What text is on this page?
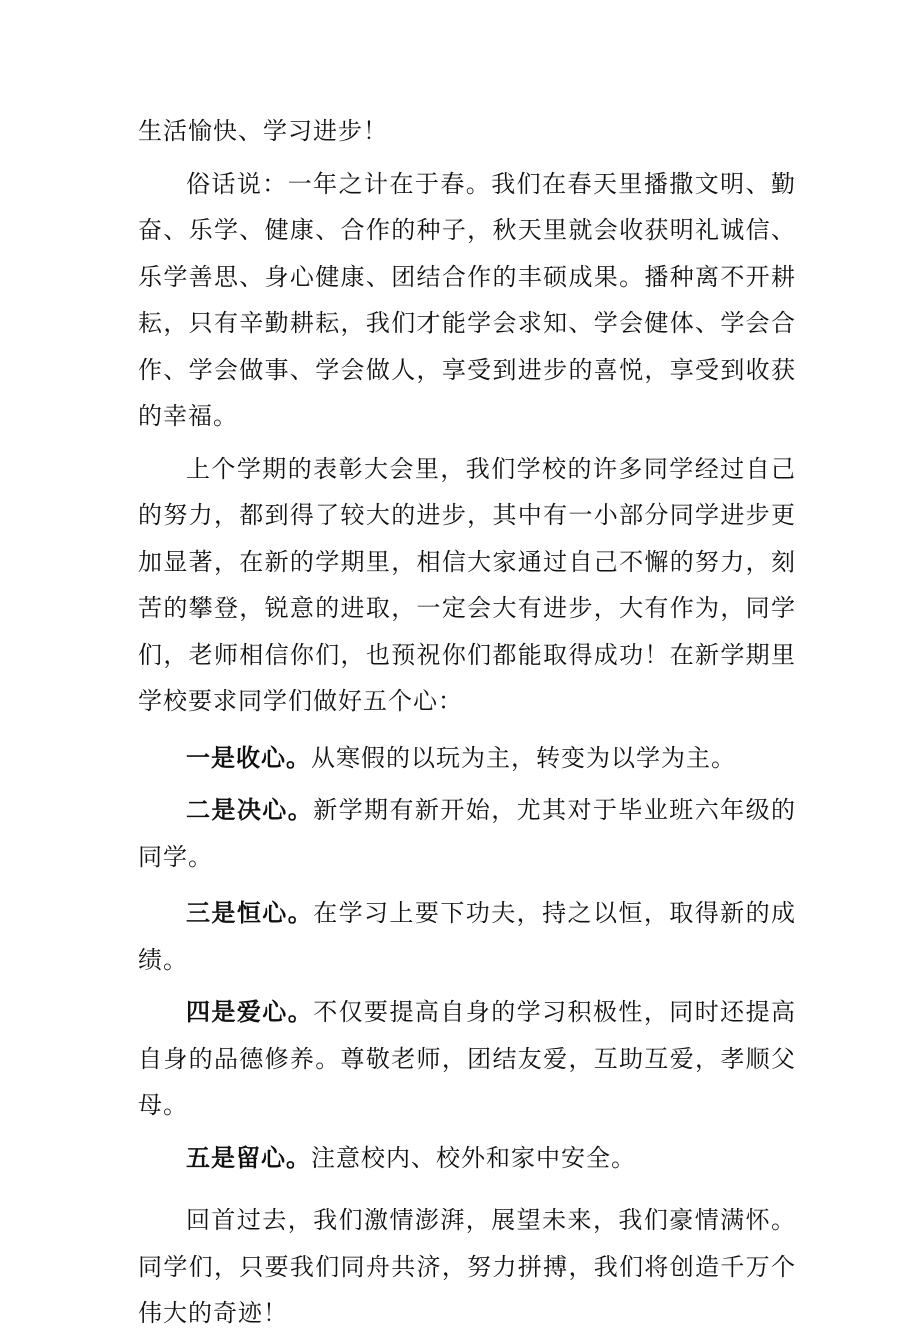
生活愉快、学习进步！

俗话说：一年之计在于春。我们在春天里播撒文明、勤奋、乐学、健康、合作的种子，秋天里就会收获明礼诚信、乐学善思、身心健康、团结合作的丰硕成果。播种离不开耕耘，只有辛勤耕耘，我们才能学会求知、学会健体、学会合作、学会做事、学会做人，享受到进步的喜悦，享受到收获的幸福。

上个学期的表彰大会里，我们学校的许多同学经过自己的努力，都到得了较大的进步，其中有一小部分同学进步更加显著，在新的学期里，相信大家通过自己不懈的努力，刻苦的攀登，锐意的进取，一定会大有进步，大有作为，同学们，老师相信你们，也预祝你们都能取得成功！在新学期里学校要求同学们做好五个心：

一是收心。从寒假的以玩为主，转变为以学为主。

二是决心。新学期有新开始，尤其对于毕业班六年级的同学。

三是恒心。在学习上要下功夫，持之以恒，取得新的成绩。

四是爱心。不仅要提高自身的学习积极性，同时还提高自身的品德修养。尊敬老师，团结友爱，互助互爱，孝顺父母。

五是留心。注意校内、校外和家中安全。

回首过去，我们激情澎湃，展望未来，我们豪情满怀。同学们，只要我们同舟共济，努力拼搏，我们将创造千万个伟大的奇迹！
